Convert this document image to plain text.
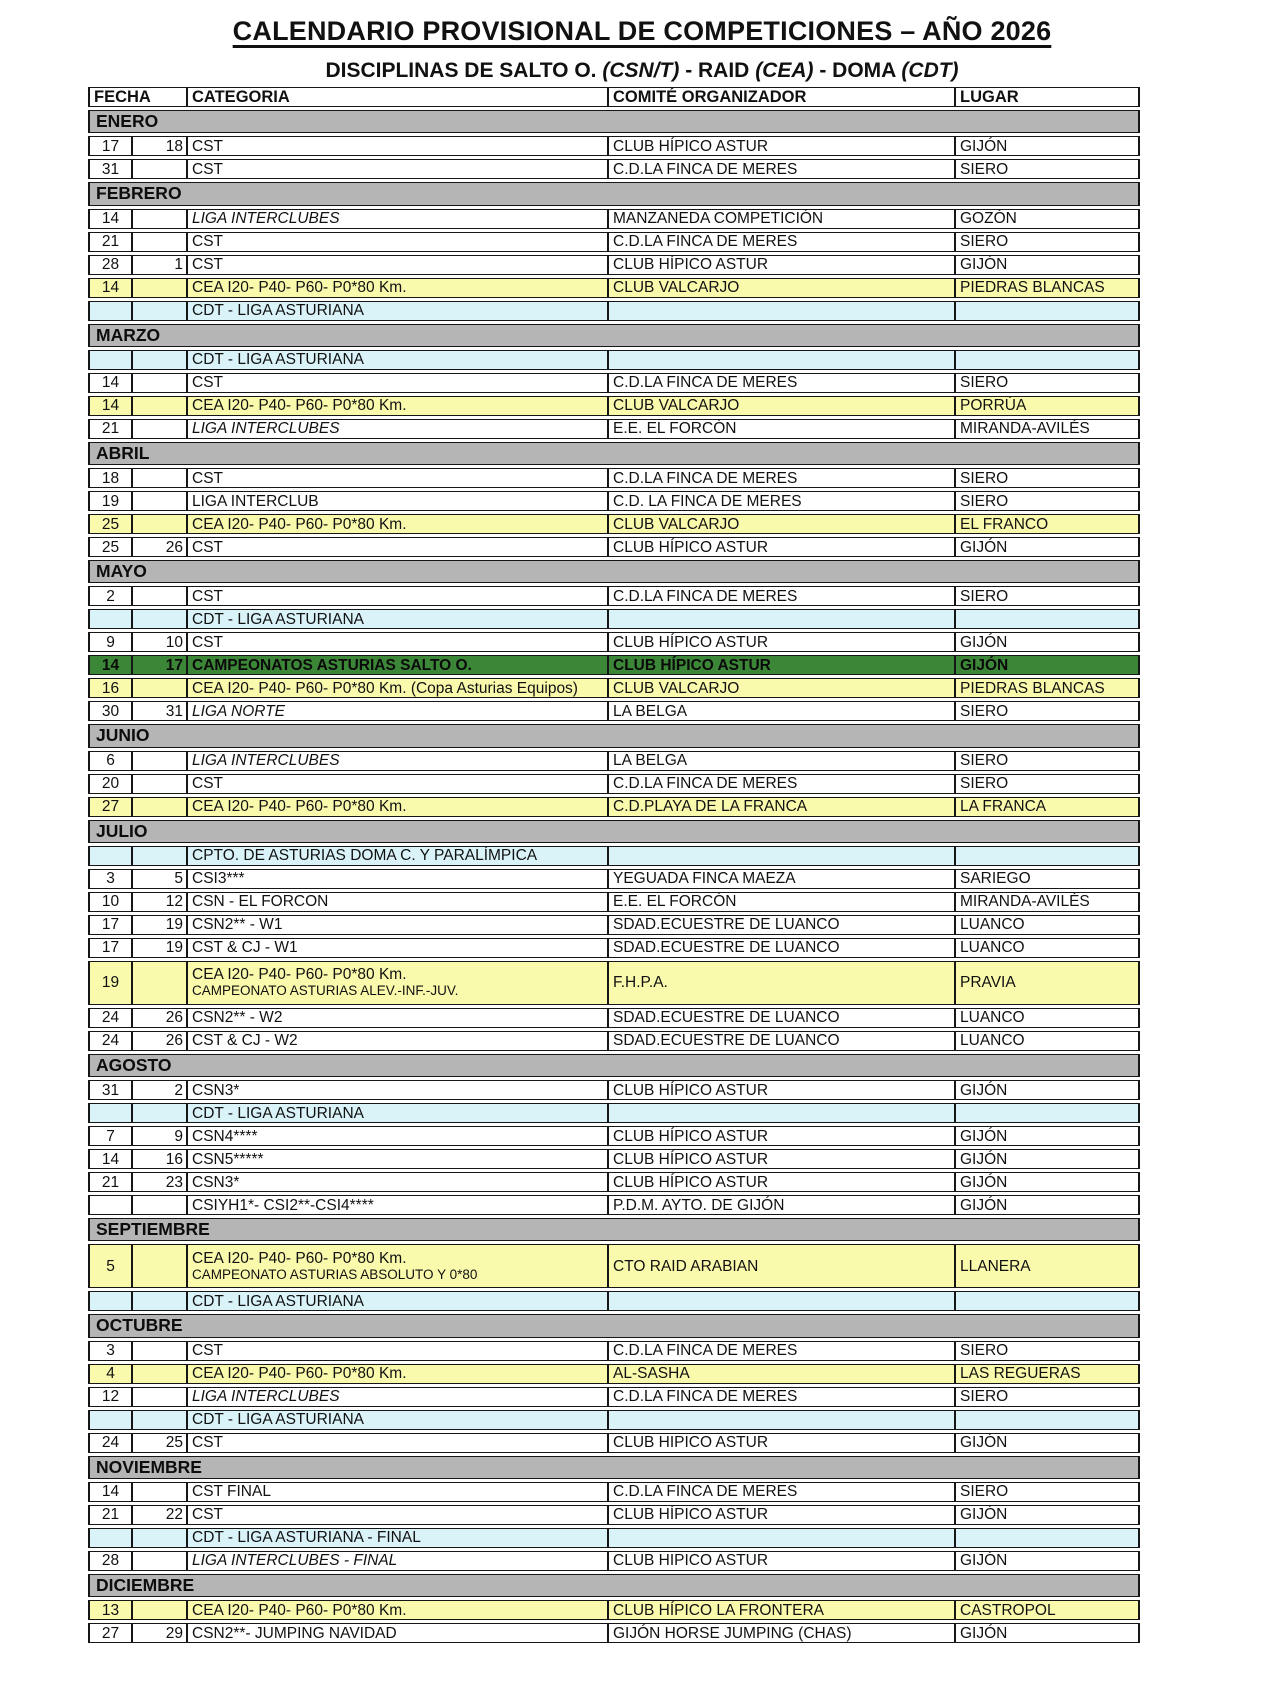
CALENDARIO PROVISIONAL DE COMPETICIONES – AÑO 2026
DISCIPLINAS DE SALTO O. (CSN/T) - RAID (CEA) - DOMA (CDT)
FECHA		CATEGORIA	COMITÉ ORGANIZADOR	LUGAR
ENERO				
17	18	CST	CLUB HÍPICO ASTUR	GIJÓN
31		CST	C.D.LA FINCA DE MERES	SIERO
FEBRERO				
14		LIGA INTERCLUBES	MANZANEDA COMPETICIÓN	GOZÓN
21		CST	C.D.LA FINCA DE MERES	SIERO
28	1	CST	CLUB HÍPICO ASTUR	GIJÓN
14		CEA I20- P40- P60- P0*80 Km.	CLUB VALCARJO	PIEDRAS BLANCAS

		CDT - LIGA ASTURIANA		

MARZO				

		CDT - LIGA ASTURIANA		

14		CST	C.D.LA FINCA DE MERES	SIERO
14		CEA I20- P40- P60- P0*80 Km.	CLUB VALCARJO	PORRÚA
21		LIGA INTERCLUBES	E.E. EL FORCÓN	MIRANDA-AVILÉS
ABRIL				
18		CST	C.D.LA FINCA DE MERES	SIERO
19		LIGA INTERCLUB	C.D. LA FINCA DE MERES	SIERO
25		CEA I20- P40- P60- P0*80 Km.	CLUB VALCARJO	EL FRANCO
25	26	CST	CLUB HÍPICO ASTUR	GIJÓN
MAYO				
2		CST	C.D.LA FINCA DE MERES	SIERO

		CDT - LIGA ASTURIANA		

9	10	CST	CLUB HÍPICO ASTUR	GIJÓN
14	17	CAMPEONATOS ASTURIAS SALTO O.	CLUB HÍPICO ASTUR	GIJÓN
16		CEA I20- P40- P60- P0*80 Km. (Copa Asturias Equipos)	CLUB VALCARJO	PIEDRAS BLANCAS
30	31	LIGA NORTE	LA BELGA	SIERO
JUNIO				
6		LIGA INTERCLUBES	LA BELGA	SIERO
20		CST	C.D.LA FINCA DE MERES	SIERO
27		CEA I20- P40- P60- P0*80 Km.	C.D.PLAYA DE LA FRANCA	LA FRANCA
JULIO				

		CPTO. DE ASTURIAS DOMA C. Y PARALÍMPICA		

3	5	CSI3***	YEGUADA FINCA MAEZA	SARIEGO
10	12	CSN - EL FORCON	E.E. EL FORCÓN	MIRANDA-AVILÉS
17	19	CSN2** - W1	SDAD.ECUESTRE DE LUANCO	LUANCO
17	19	CST & CJ - W1	SDAD.ECUESTRE DE LUANCO	LUANCO
19		CEA I20- P40- P60- P0*80 Km.
CAMPEONATO ASTURIAS ALEV.-INF.-JUV.	F.H.P.A.	PRAVIA
24	26	CSN2** - W2	SDAD.ECUESTRE DE LUANCO	LUANCO
24	26	CST & CJ - W2	SDAD.ECUESTRE DE LUANCO	LUANCO
AGOSTO				
31	2	CSN3*	CLUB HÍPICO ASTUR	GIJÓN

		CDT - LIGA ASTURIANA		

7	9	CSN4****	CLUB HÍPICO ASTUR	GIJÓN
14	16	CSN5*****	CLUB HÍPICO ASTUR	GIJÓN
21	23	CSN3*	CLUB HÍPICO ASTUR	GIJÓN

		CSIYH1*- CSI2**-CSI4****	P.D.M. AYTO. DE GIJÓN	GIJÓN
SEPTIEMBRE				
5		CEA I20- P40- P60- P0*80 Km.
CAMPEONATO ASTURIAS ABSOLUTO Y 0*80	CTO RAID ARABIAN	LLANERA

		CDT - LIGA ASTURIANA		

OCTUBRE				
3		CST	C.D.LA FINCA DE MERES	SIERO
4		CEA I20- P40- P60- P0*80 Km.	AL-SASHA	LAS REGUERAS
12		LIGA INTERCLUBES	C.D.LA FINCA DE MERES	SIERO

		CDT - LIGA ASTURIANA		

24	25	CST	CLUB HIPICO ASTUR	GIJÓN
NOVIEMBRE				
14		CST FINAL	C.D.LA FINCA DE MERES	SIERO
21	22	CST	CLUB HÍPICO ASTUR	GIJÓN

		CDT - LIGA ASTURIANA - FINAL		

28		LIGA INTERCLUBES - FINAL	CLUB HIPICO ASTUR	GIJÓN
DICIEMBRE				
13		CEA I20- P40- P60- P0*80 Km.	CLUB HÍPICO LA FRONTERA	CASTROPOL
27	29	CSN2**- JUMPING NAVIDAD	GIJÓN HORSE JUMPING (CHAS)	GIJÓN
